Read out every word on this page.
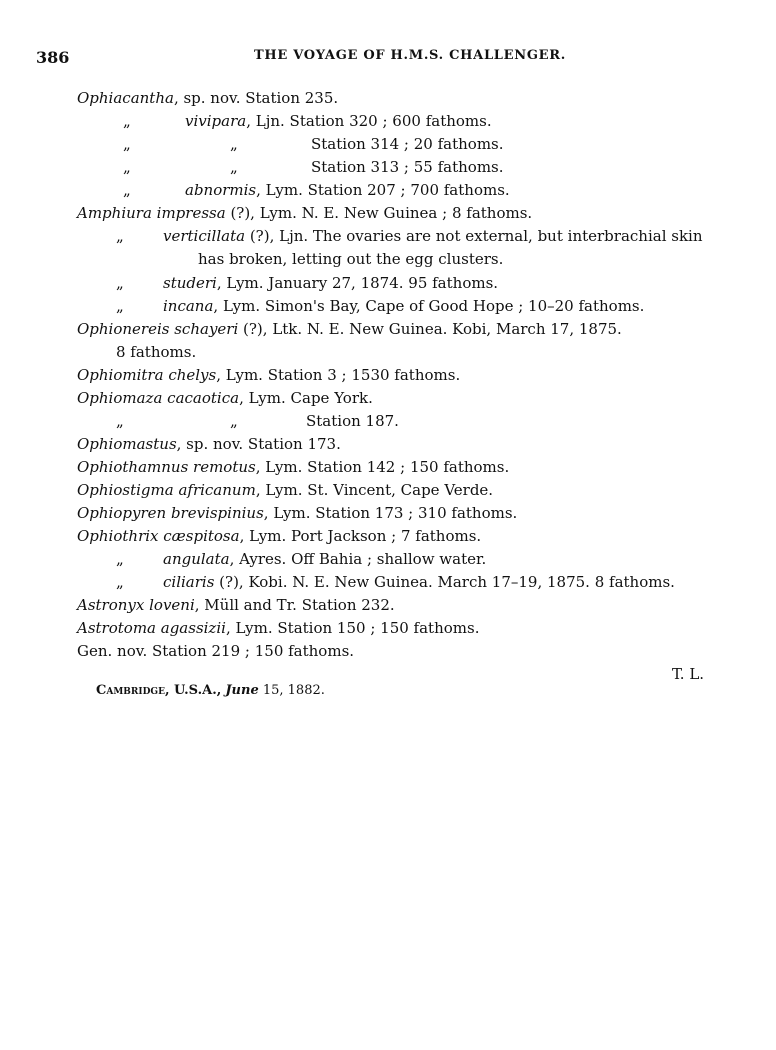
386	THE VOYAGE OF H.M.S. CHALLENGER.
Ophiacantha, sp. nov. Station 235.
„	vivipara, Ljn. Station 320 ; 600 fathoms.
„	„	Station 314 ; 20 fathoms.
„	„	Station 313 ; 55 fathoms.
„	abnormis, Lym. Station 207 ; 700 fathoms.
Amphiura impressa (?), Lym. N. E. New Guinea ; 8 fathoms.
„	verticillata (?), Ljn. The ovaries are not external, but interbrachial skin
has broken, letting out the egg clusters.
„	studeri, Lym. January 27, 1874. 95 fathoms.
„	incana, Lym. Simon's Bay, Cape of Good Hope ; 10–20 fathoms.
Ophionereis schayeri (?), Ltk. N. E. New Guinea. Kobi, March 17, 1875.
8 fathoms.
Ophiomitra chelys, Lym. Station 3 ; 1530 fathoms.
Ophiomaza cacaotica, Lym. Cape York.
„	„	Station 187.
Ophiomastus, sp. nov. Station 173.
Ophiothamnus remotus, Lym. Station 142 ; 150 fathoms.
Ophiostigma africanum, Lym. St. Vincent, Cape Verde.
Ophiopyren brevispinius, Lym. Station 173 ; 310 fathoms.
Ophiothrix cæspitosa, Lym. Port Jackson ; 7 fathoms.
„	angulata, Ayres. Off Bahia ; shallow water.
„	ciliaris (?), Kobi. N. E. New Guinea. March 17–19, 1875. 8 fathoms.
Astronyx loveni, Müll and Tr. Station 232.
Astrotoma agassizii, Lym. Station 150 ; 150 fathoms.
Gen. nov. Station 219 ; 150 fathoms.
T. L.
Cambridge, U.S.A., June 15, 1882.
